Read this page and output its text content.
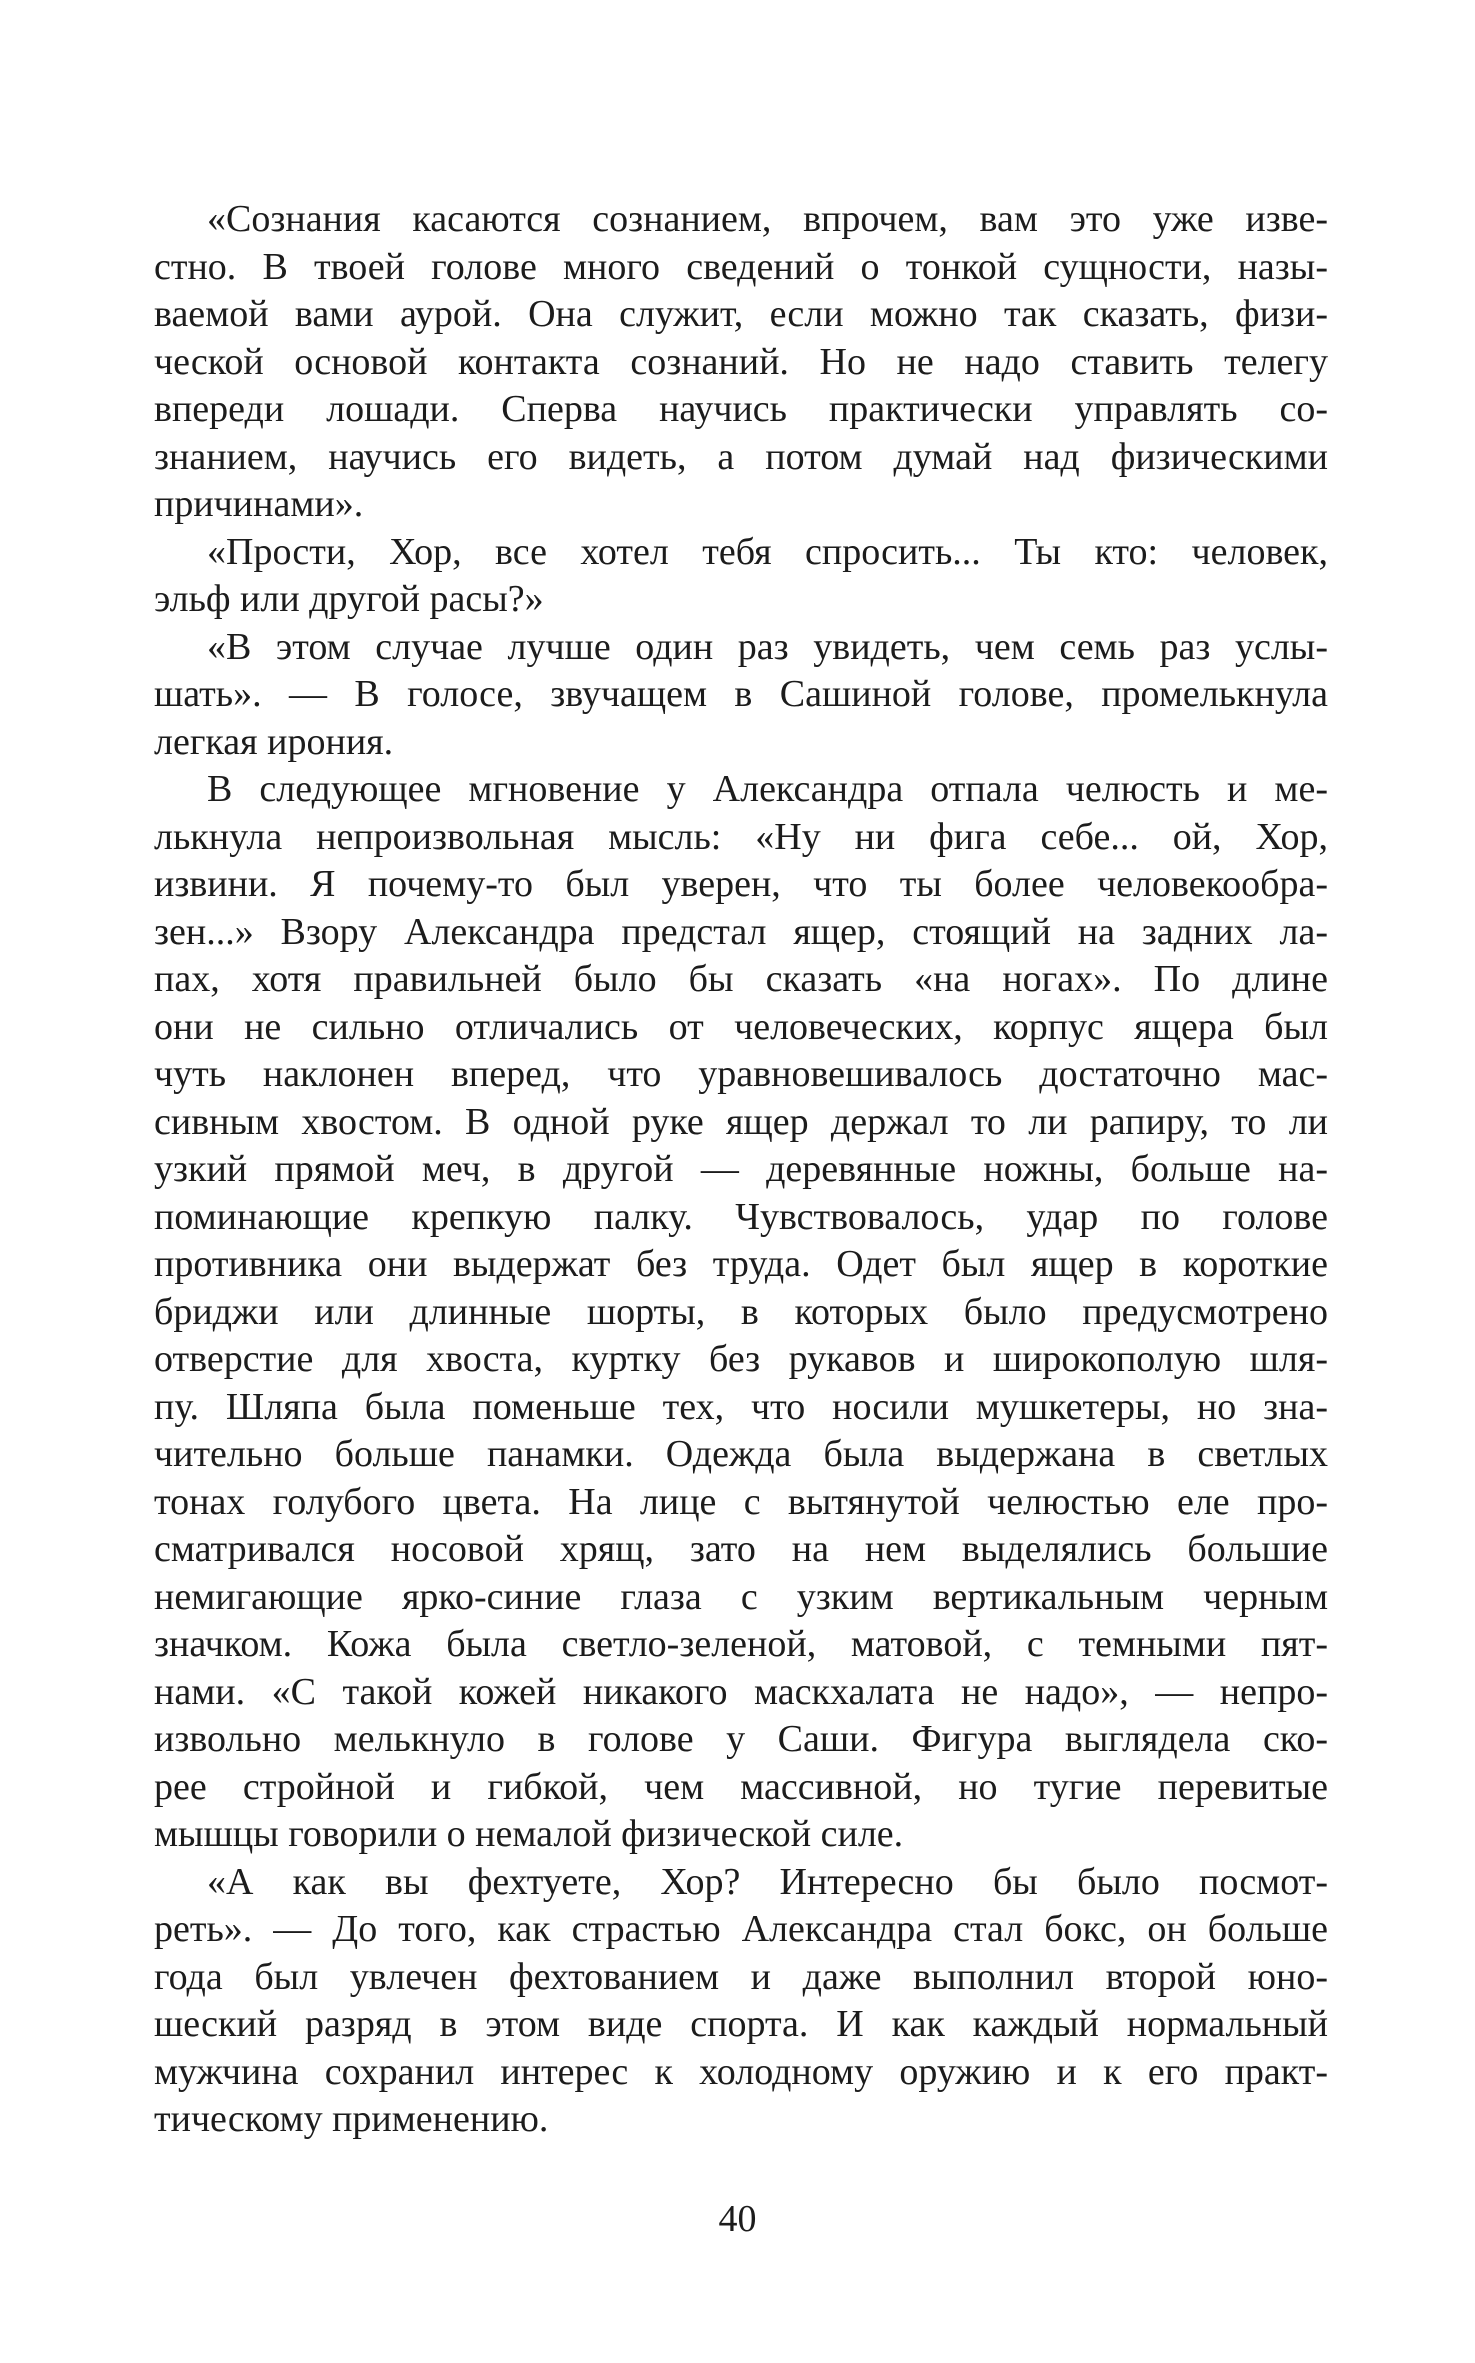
«Сознания касаются сознанием, впрочем, вам это уже изве-
стно. В твоей голове много сведений о тонкой сущности, назы-
ваемой вами аурой. Она служит, если можно так сказать, физи-
ческой основой контакта сознаний. Но не надо ставить телегу
впереди лошади. Сперва научись практически управлять со-
знанием, научись его видеть, а потом думай над физическими
причинами».
«Прости, Хор, все хотел тебя спросить... Ты кто: человек,
эльф или другой расы?»
«В этом случае лучше один раз увидеть, чем семь раз услы-
шать». — В голосе, звучащем в Сашиной голове, промелькнула
легкая ирония.
В следующее мгновение у Александра отпала челюсть и ме-
лькнула непроизвольная мысль: «Ну ни фига себе... ой, Хор,
извини. Я почему-то был уверен, что ты более человекообра-
зен...» Взору Александра предстал ящер, стоящий на задних ла-
пах, хотя правильней было бы сказать «на ногах». По длине
они не сильно отличались от человеческих, корпус ящера был
чуть наклонен вперед, что уравновешивалось достаточно мас-
сивным хвостом. В одной руке ящер держал то ли рапиру, то ли
узкий прямой меч, в другой — деревянные ножны, больше на-
поминающие крепкую палку. Чувствовалось, удар по голове
противника они выдержат без труда. Одет был ящер в короткие
бриджи или длинные шорты, в которых было предусмотрено
отверстие для хвоста, куртку без рукавов и широкополую шля-
пу. Шляпа была поменьше тех, что носили мушкетеры, но зна-
чительно больше панамки. Одежда была выдержана в светлых
тонах голубого цвета. На лице с вытянутой челюстью еле про-
сматривался носовой хрящ, зато на нем выделялись большие
немигающие ярко-синие глаза с узким вертикальным черным
значком. Кожа была светло-зеленой, матовой, с темными пят-
нами. «С такой кожей никакого маскхалата не надо», — непро-
извольно мелькнуло в голове у Саши. Фигура выглядела ско-
рее стройной и гибкой, чем массивной, но тугие перевитые
мышцы говорили о немалой физической силе.
«А как вы фехтуете, Хор? Интересно бы было посмот-
реть». — До того, как страстью Александра стал бокс, он больше
года был увлечен фехтованием и даже выполнил второй юно-
шеский разряд в этом виде спорта. И как каждый нормальный
мужчина сохранил интерес к холодному оружию и к его практ-
тическому применению.
40
